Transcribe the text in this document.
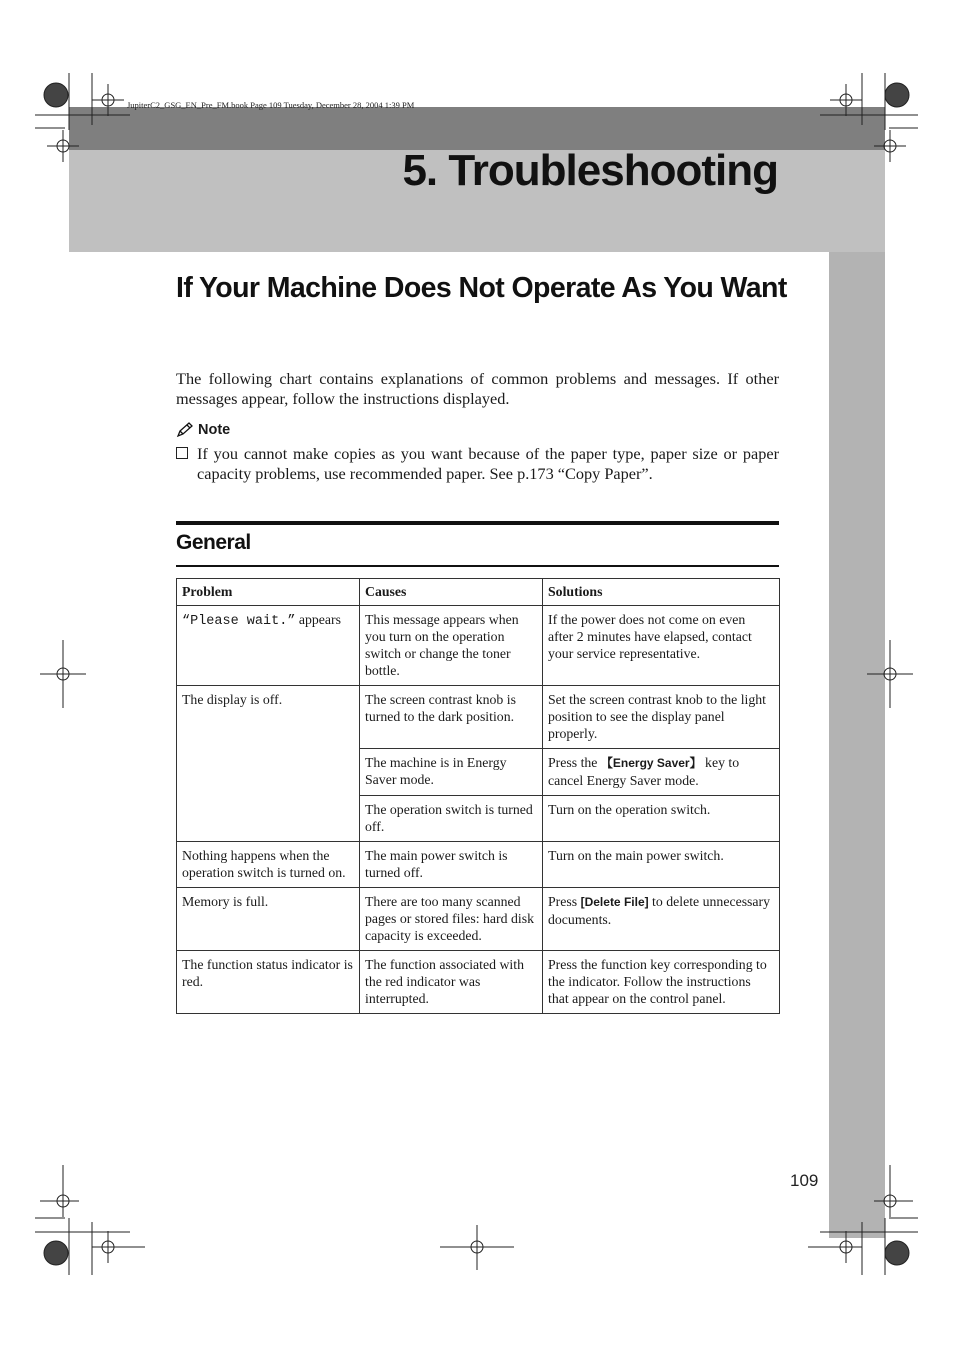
JupiterC2_GSG_EN_Pre_FM.book Page 109 Tuesday, December 28, 2004 1:39 PM
5. Troubleshooting
If Your Machine Does Not Operate As You Want
The following chart contains explanations of common problems and messages. If other messages appear, follow the instructions displayed.
Note
If you cannot make copies as you want because of the paper type, paper size or paper capacity problems, use recommended paper. See p.173 “Copy Paper”.
General
Problem	Causes	Solutions
“Please wait.” appears	This message appears when you turn on the operation switch or change the toner bottle.	If the power does not come on even after 2 minutes have elapsed, contact your service representative.
The display is off.	The screen contrast knob is turned to the dark position.	Set the screen contrast knob to the light position to see the display panel properly.
	The machine is in Energy Saver mode.	Press the 【Energy Saver】 key to cancel Energy Saver mode.
	The operation switch is turned off.	Turn on the operation switch.
Nothing happens when the operation switch is turned on.	The main power switch is turned off.	Turn on the main power switch.
Memory is full.	There are too many scanned pages or stored files: hard disk capacity is exceeded.	Press [Delete File] to delete unnecessary documents.
The function status indicator is red.	The function associated with the red indicator was interrupted.	Press the function key corresponding to the indicator. Follow the instructions that appear on the control panel.
109
